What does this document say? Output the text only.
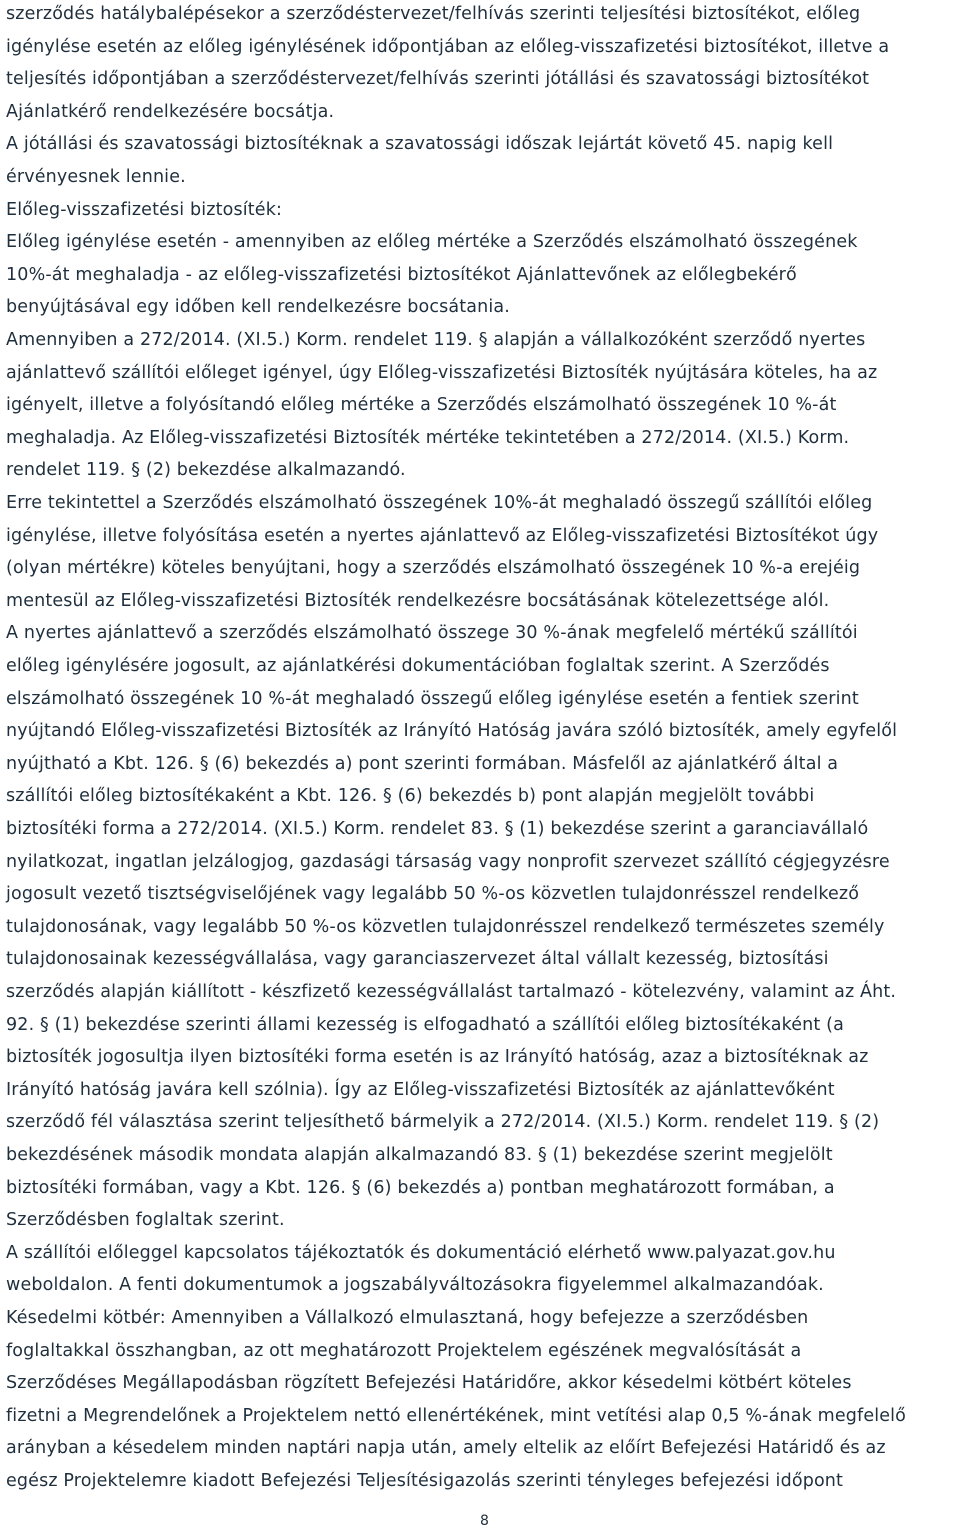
szerződés hatálybalépésekor a szerződéstervezet/felhívás szerinti teljesítési biztosítékot, előleg
igénylése esetén az előleg igénylésének időpontjában az előleg-visszafizetési biztosítékot, illetve a
teljesítés időpontjában a szerződéstervezet/felhívás szerinti jótállási és szavatossági biztosítékot
Ajánlatkérő rendelkezésére bocsátja.
A jótállási és szavatossági biztosítéknak a szavatossági időszak lejártát követő 45. napig kell
érvényesnek lennie.
Előleg-visszafizetési biztosíték:
Előleg igénylése esetén - amennyiben az előleg mértéke a Szerződés elszámolható összegének
10%-át meghaladja - az előleg-visszafizetési biztosítékot Ajánlattevőnek az előlegbekérő
benyújtásával egy időben kell rendelkezésre bocsátania.
Amennyiben a 272/2014. (XI.5.) Korm. rendelet 119. § alapján a vállalkozóként szerződő nyertes
ajánlattevő szállítói előleget igényel, úgy Előleg-visszafizetési Biztosíték nyújtására köteles, ha az
igényelt, illetve a folyósítandó előleg mértéke a Szerződés elszámolható összegének 10 %-át
meghaladja. Az Előleg-visszafizetési Biztosíték mértéke tekintetében a 272/2014. (XI.5.) Korm.
rendelet 119. § (2) bekezdése alkalmazandó.
Erre tekintettel a Szerződés elszámolható összegének 10%-át meghaladó összegű szállítói előleg
igénylése, illetve folyósítása esetén a nyertes ajánlattevő az Előleg-visszafizetési Biztosítékot úgy
(olyan mértékre) köteles benyújtani, hogy a szerződés elszámolható összegének 10 %-a erejéig
mentesül az Előleg-visszafizetési Biztosíték rendelkezésre bocsátásának kötelezettsége alól.
A nyertes ajánlattevő a szerződés elszámolható összege 30 %-ának megfelelő mértékű szállítói
előleg igénylésére jogosult, az ajánlatkérési dokumentációban foglaltak szerint. A Szerződés
elszámolható összegének 10 %-át meghaladó összegű előleg igénylése esetén a fentiek szerint
nyújtandó Előleg-visszafizetési Biztosíték az Irányító Hatóság javára szóló biztosíték, amely egyfelől
nyújtható a Kbt. 126. § (6) bekezdés a) pont szerinti formában. Másfelől az ajánlatkérő által a
szállítói előleg biztosítékaként a Kbt. 126. § (6) bekezdés b) pont alapján megjelölt további
biztosítéki forma a 272/2014. (XI.5.) Korm. rendelet 83. § (1) bekezdése szerint a garanciavállaló
nyilatkozat, ingatlan jelzálogjog, gazdasági társaság vagy nonprofit szervezet szállító cégjegyzésre
jogosult vezető tisztségviselőjének vagy legalább 50 %-os közvetlen tulajdonrésszel rendelkező
tulajdonosának, vagy legalább 50 %-os közvetlen tulajdonrésszel rendelkező természetes személy
tulajdonosainak kezességvállalása, vagy garanciaszervezet által vállalt kezesség, biztosítási
szerződés alapján kiállított - készfizető kezességvállalást tartalmazó - kötelezvény, valamint az Áht.
92. § (1) bekezdése szerinti állami kezesség is elfogadható a szállítói előleg biztosítékaként (a
biztosíték jogosultja ilyen biztosítéki forma esetén is az Irányító hatóság, azaz a biztosítéknak az
Irányító hatóság javára kell szólnia). Így az Előleg-visszafizetési Biztosíték az ajánlattevőként
szerződő fél választása szerint teljesíthető bármelyik a 272/2014. (XI.5.) Korm. rendelet 119. § (2)
bekezdésének második mondata alapján alkalmazandó 83. § (1) bekezdése szerint megjelölt
biztosítéki formában, vagy a Kbt. 126. § (6) bekezdés a) pontban meghatározott formában, a
Szerződésben foglaltak szerint.
A szállítói előleggel kapcsolatos tájékoztatók és dokumentáció elérhető www.palyazat.gov.hu
weboldalon. A fenti dokumentumok a jogszabályváltozásokra figyelemmel alkalmazandóak.
Késedelmi kötbér: Amennyiben a Vállalkozó elmulasztaná, hogy befejezze a szerződésben
foglaltakkal összhangban, az ott meghatározott Projektelem egészének megvalósítását a
Szerződéses Megállapodásban rögzített Befejezési Határidőre, akkor késedelmi kötbért köteles
fizetni a Megrendelőnek a Projektelem nettó ellenértékének, mint vetítési alap 0,5 %-ának megfelelő
arányban a késedelem minden naptári napja után, amely eltelik az előírt Befejezési Határidő és az
egész Projektelemre kiadott Befejezési Teljesítésigazolás szerinti tényleges befejezési időpont
8
